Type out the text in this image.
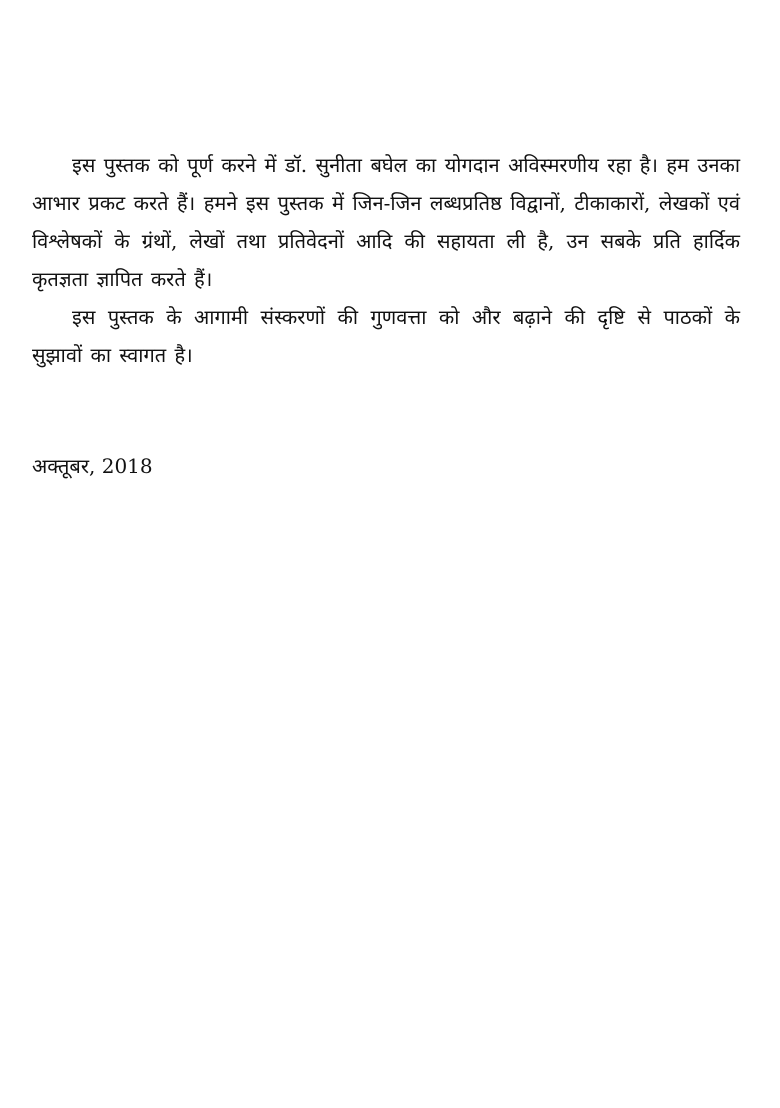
इस पुस्तक को पूर्ण करने में डॉ. सुनीता बघेल का योगदान अविस्मरणीय रहा है। हम उनका आभार प्रकट करते हैं। हमने इस पुस्तक में जिन-जिन लब्धप्रतिष्ठ विद्वानों, टीकाकारों, लेखकों एवं विश्लेषकों के ग्रंथों, लेखों तथा प्रतिवेदनों आदि की सहायता ली है, उन सबके प्रति हार्दिक कृतज्ञता ज्ञापित करते हैं।

इस पुस्तक के आगामी संस्करणों की गुणवत्ता को और बढ़ाने की दृष्टि से पाठकों के सुझावों का स्वागत है।

अक्तूबर, 2018
